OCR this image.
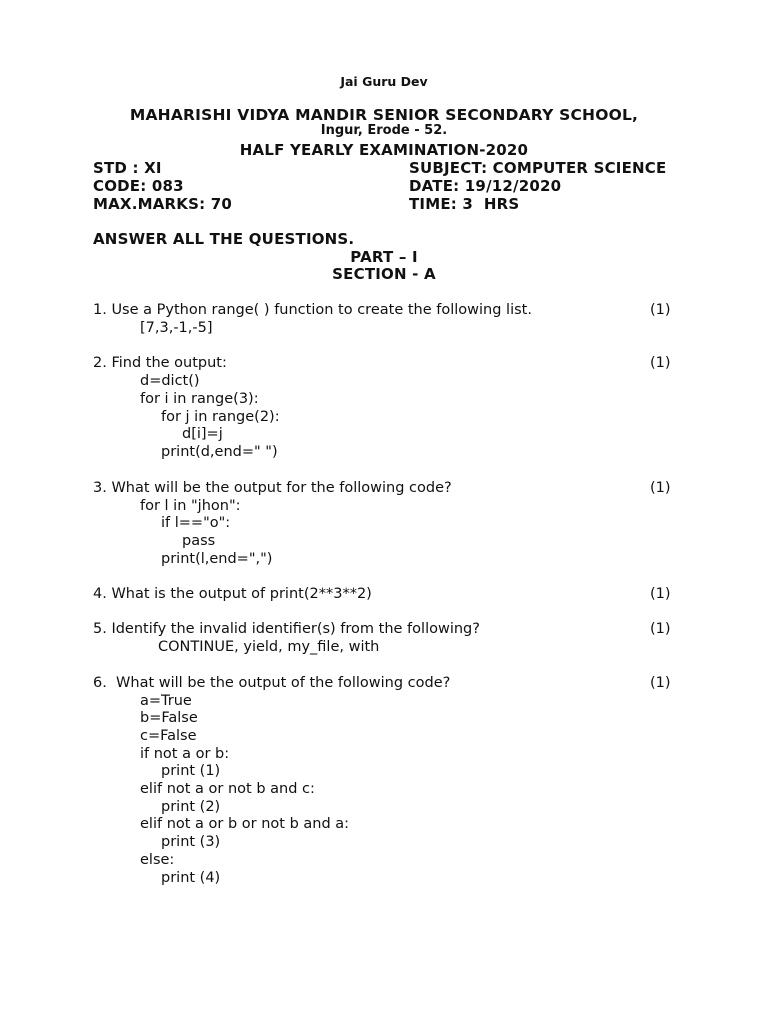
Jai Guru Dev
MAHARISHI VIDYA MANDIR SENIOR SECONDARY SCHOOL,
Ingur, Erode - 52.
HALF YEARLY EXAMINATION-2020
STD : XI	SUBJECT: COMPUTER SCIENCE
CODE: 083	DATE: 19/12/2020
MAX.MARKS: 70	TIME: 3  HRS
ANSWER ALL THE QUESTIONS.
PART – I
SECTION - A
1. Use a Python range( ) function to create the following list.	(1)
[7,3,-1,-5]
2. Find the output:	(1)
d=dict()
for i in range(3):
for j in range(2):
d[i]=j
print(d,end=" ")
3. What will be the output for the following code?	(1)
for l in "jhon":
if l=="o":
pass
print(l,end=",")
4. What is the output of print(2**3**2)	(1)
5. Identify the invalid identifier(s) from the following?	(1)
CONTINUE, yield, my_file, with
6.  What will be the output of the following code?	(1)
a=True
b=False
c=False
if not a or b:
print (1)
elif not a or not b and c:
print (2)
elif not a or b or not b and a:
print (3)
else:
print (4)
